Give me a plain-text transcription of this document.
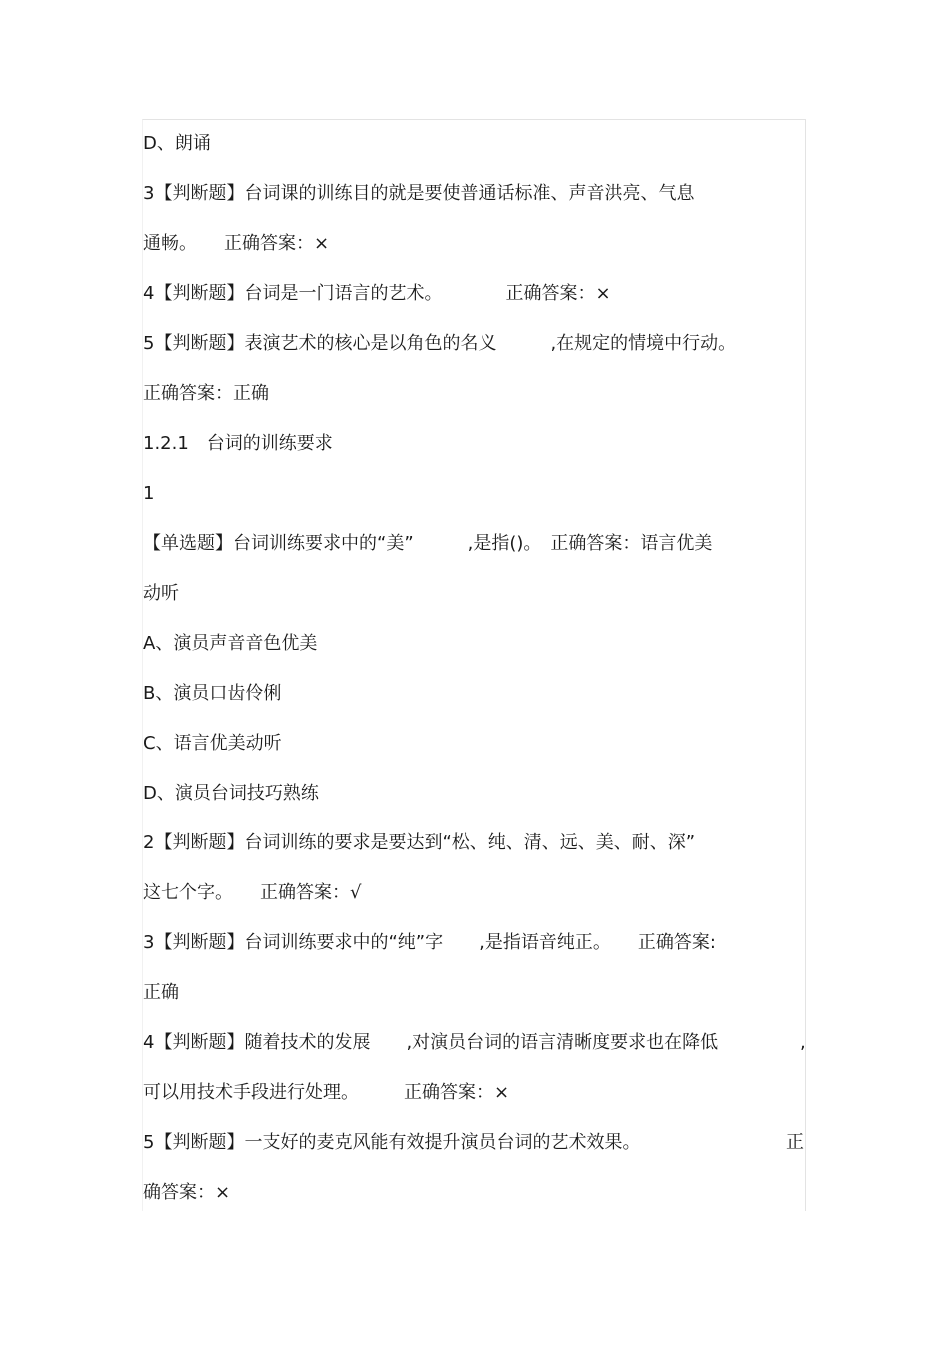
D、朗诵

3【判断题】台词课的训练目的就是要使普通话标准、声音洪亮、气息

通畅。　　正确答案：×

4【判断题】台词是一门语言的艺术。　　　　正确答案：×

5【判断题】表演艺术的核心是以角色的名义　　　,在规定的情境中行动。

正确答案：正确

1.2.1　台词的训练要求

1

【单选题】台词训练要求中的“美”　　　,是指()。　正确答案：语言优美

动听

A、演员声音音色优美

B、演员口齿伶俐

C、语言优美动听

D、演员台词技巧熟练

2【判断题】台词训练的要求是要达到“松、纯、清、远、美、耐、深”

这七个字。　　正确答案：√

3【判断题】台词训练要求中的“纯”字　　,是指语音纯正。　　正确答案:

正确

4【判断题】随着技术的发展　　,对演员台词的语言清晰度要求也在降低	,

可以用技术手段进行处理。　　　正确答案：×

5【判断题】一支好的麦克风能有效提升演员台词的艺术效果。	正

确答案：×
